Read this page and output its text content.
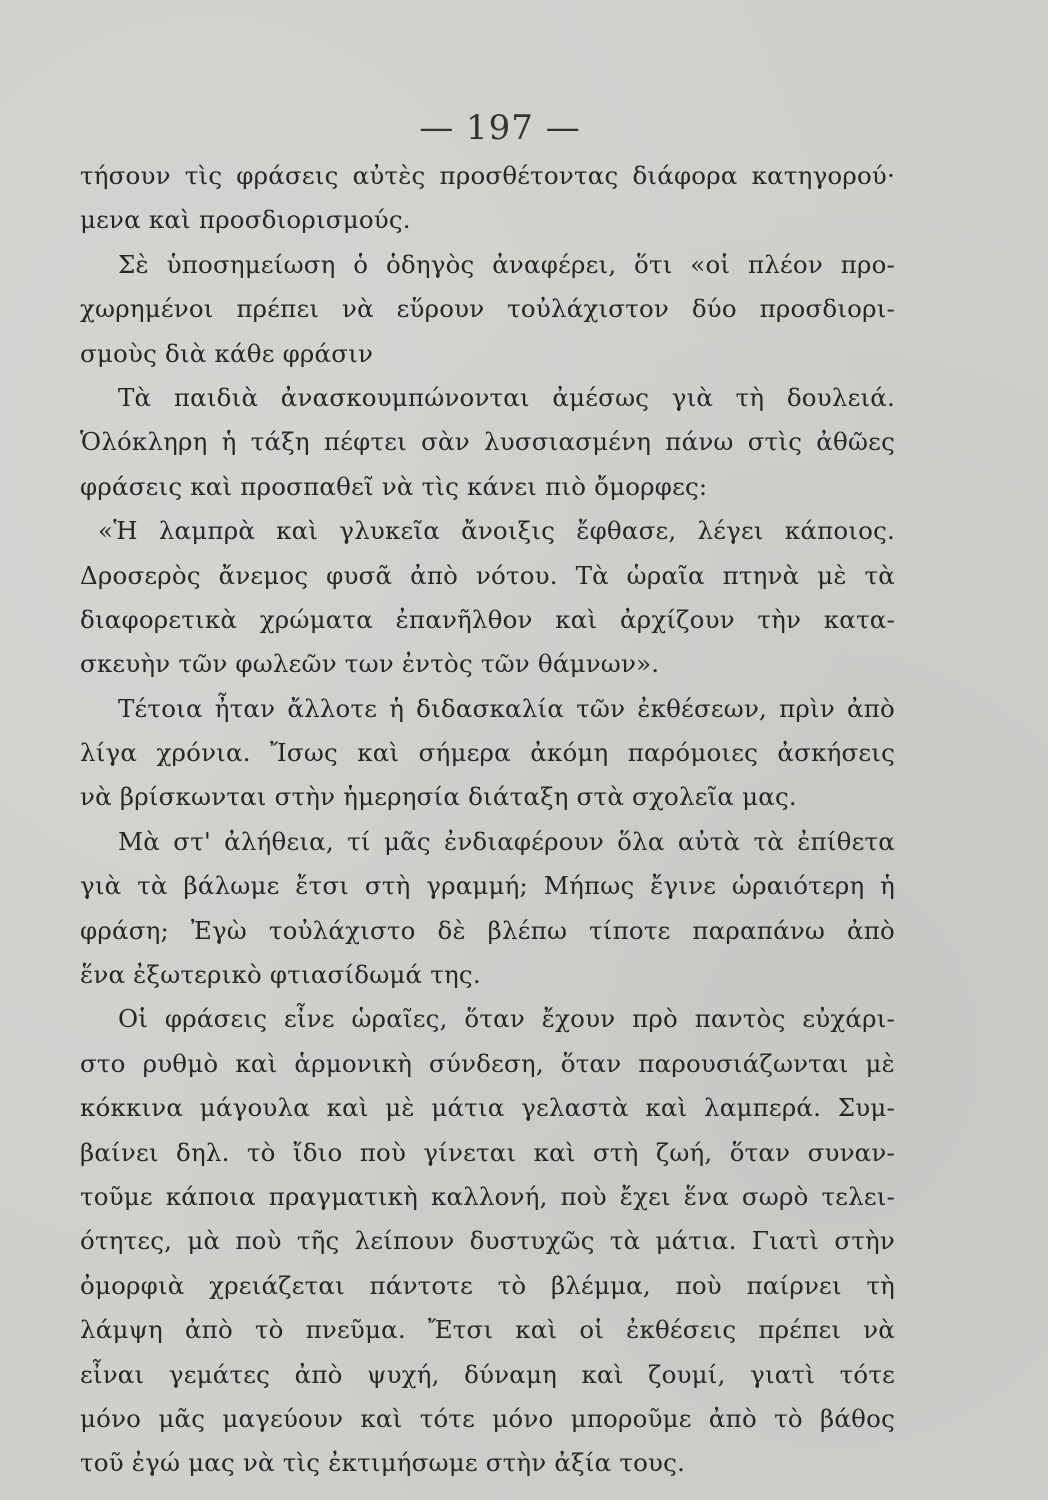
— 197 —
τήσουν τὶς φράσεις αὐτὲς προσθέτοντας διάφορα κατηγορού·
μενα καὶ προσδιορισμούς.
Σὲ ὑποσημείωση ὁ ὁδηγὸς ἀναφέρει, ὅτι «οἱ πλέον προ-
χωρημένοι πρέπει νὰ εὕρουν τοὐλάχιστον δύο προσδιορι-
σμοὺς διὰ κάθε φράσιν
Τὰ παιδιὰ ἀνασκουμπώνονται ἀμέσως γιὰ τὴ δουλειά.
Ὁλόκληρη ἡ τάξη πέφτει σὰν λυσσιασμένη πάνω στὶς ἀθῶες
φράσεις καὶ προσπαθεῖ νὰ τὶς κάνει πιὸ ὄμορφες:
«Ἡ λαμπρὰ καὶ γλυκεῖα ἄνοιξις ἔφθασε, λέγει κάποιος.
Δροσερὸς ἄνεμος φυσᾶ ἀπὸ νότου. Τὰ ὡραῖα πτηνὰ μὲ τὰ
διαφορετικὰ χρώματα ἐπανῆλθον καὶ ἀρχίζουν τὴν κατα-
σκευὴν τῶν φωλεῶν των ἐντὸς τῶν θάμνων».
Τέτοια ἦταν ἄλλοτε ἡ διδασκαλία τῶν ἐκθέσεων, πρὶν ἀπὸ
λίγα χρόνια. Ἴσως καὶ σήμερα ἀκόμη παρόμοιες ἀσκήσεις
νὰ βρίσκωνται στὴν ἡμερησία διάταξη στὰ σχολεῖα μας.
Μὰ στ' ἀλήθεια, τί μᾶς ἐνδιαφέρουν ὅλα αὐτὰ τὰ ἐπίθετα
γιὰ τὰ βάλωμε ἔτσι στὴ γραμμή; Μήπως ἔγινε ὡραιότερη ἡ
φράση; Ἐγὼ τοὐλάχιστο δὲ βλέπω τίποτε παραπάνω ἀπὸ
ἕνα ἐξωτερικὸ φτιασίδωμά της.
Οἱ φράσεις εἶνε ὡραῖες, ὅταν ἔχουν πρὸ παντὸς εὐχάρι-
στο ρυθμὸ καὶ ἁρμονικὴ σύνδεση, ὅταν παρουσιάζωνται μὲ
κόκκινα μάγουλα καὶ μὲ μάτια γελαστὰ καὶ λαμπερά. Συμ-
βαίνει δηλ. τὸ ἴδιο ποὺ γίνεται καὶ στὴ ζωή, ὅταν συναν-
τοῦμε κάποια πραγματικὴ καλλονή, ποὺ ἔχει ἕνα σωρὸ τελει-
ότητες, μὰ ποὺ τῆς λείπουν δυστυχῶς τὰ μάτια. Γιατὶ στὴν
ὀμορφιὰ χρειάζεται πάντοτε τὸ βλέμμα, ποὺ παίρνει τὴ
λάμψη ἀπὸ τὸ πνεῦμα. Ἔτσι καὶ οἱ ἐκθέσεις πρέπει νὰ
εἶναι γεμάτες ἀπὸ ψυχή, δύναμη καὶ ζουμί, γιατὶ τότε
μόνο μᾶς μαγεύουν καὶ τότε μόνο μποροῦμε ἀπὸ τὸ βάθος
τοῦ ἐγώ μας νὰ τὶς ἐκτιμήσωμε στὴν ἀξία τους.
